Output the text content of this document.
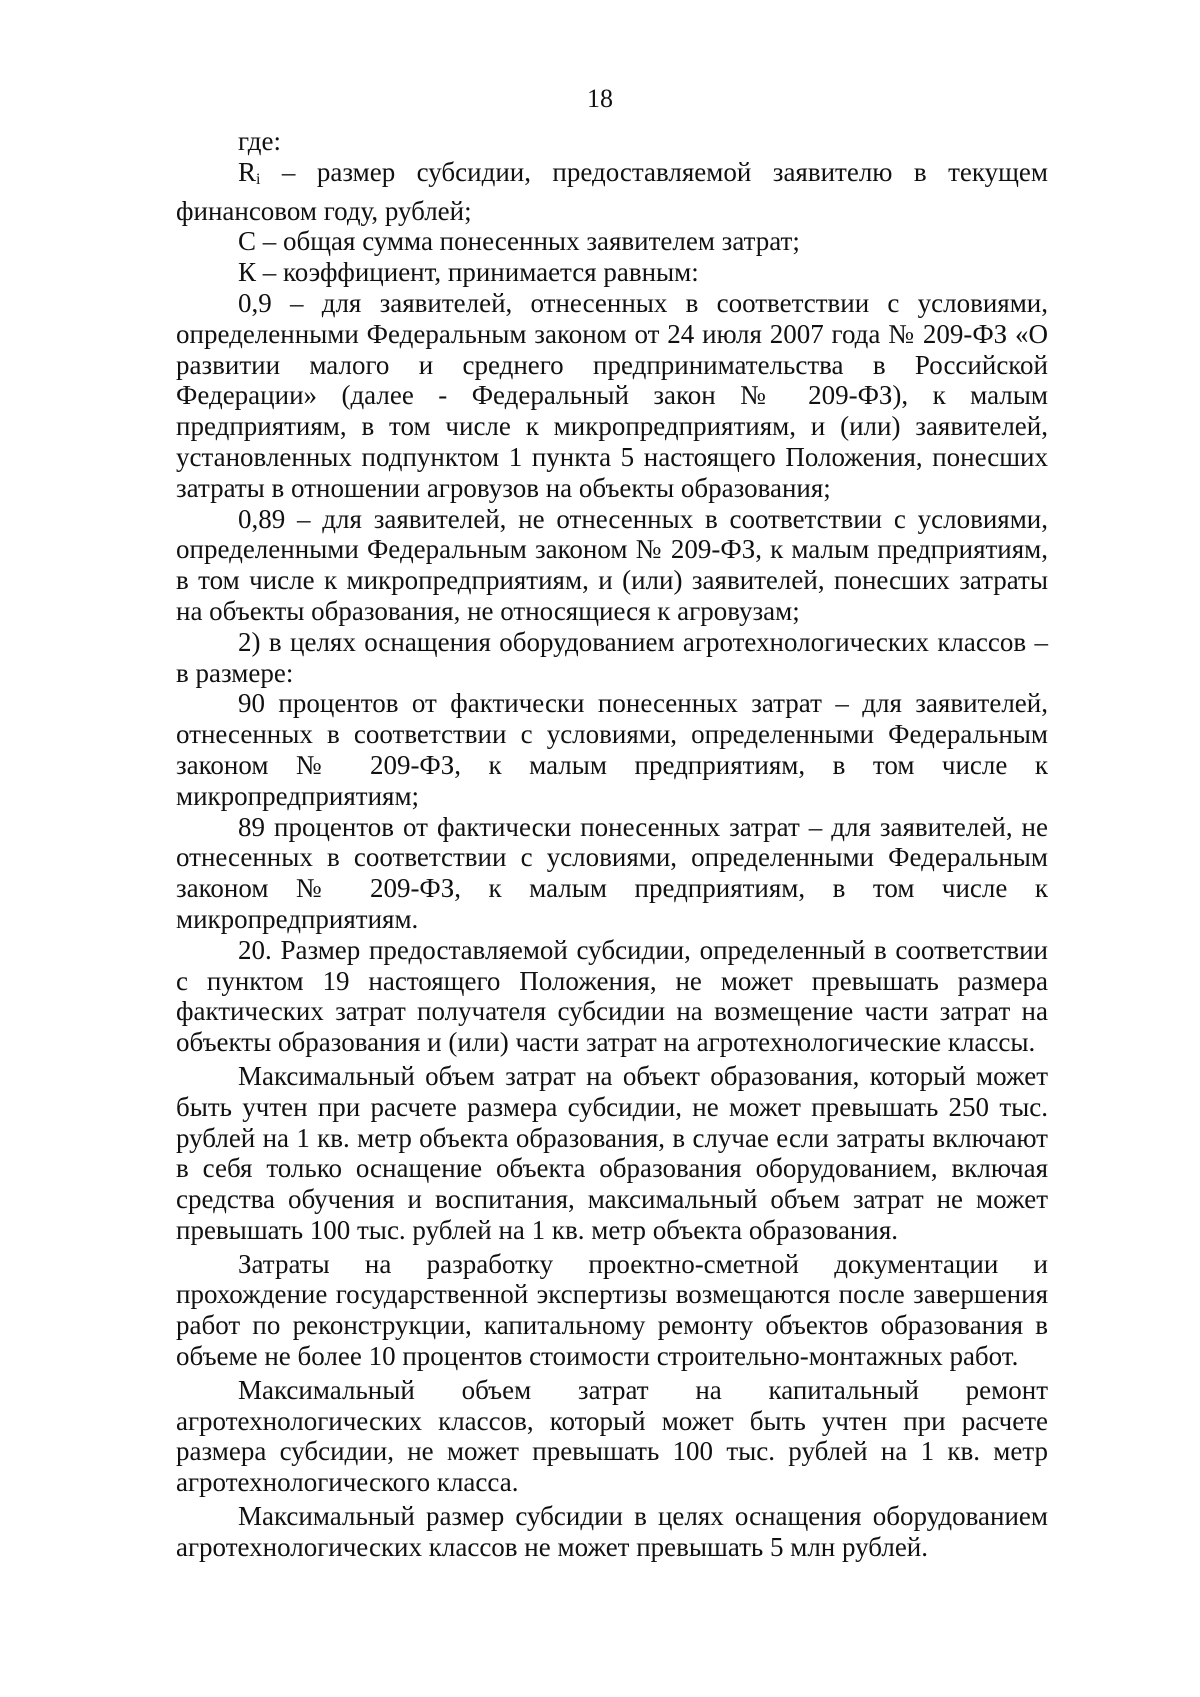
18

где:

Ri – размер субсидии, предоставляемой заявителю в текущем финансовом году, рублей;

С – общая сумма понесенных заявителем затрат;

К – коэффициент, принимается равным:

0,9 – для заявителей, отнесенных в соответствии с условиями, определенными Федеральным законом от 24 июля 2007 года № 209-ФЗ «О развитии малого и среднего предпринимательства в Российской Федерации» (далее - Федеральный закон № 209-ФЗ), к малым предприятиям, в том числе к микропредприятиям, и (или) заявителей, установленных подпунктом 1 пункта 5 настоящего Положения, понесших затраты в отношении агровузов на объекты образования;

0,89 – для заявителей, не отнесенных в соответствии с условиями, определенными Федеральным законом № 209-ФЗ, к малым предприятиям, в том числе к микропредприятиям, и (или) заявителей, понесших затраты на объекты образования, не относящиеся к агровузам;

2) в целях оснащения оборудованием агротехнологических классов – в размере:

90 процентов от фактически понесенных затрат – для заявителей, отнесенных в соответствии с условиями, определенными Федеральным законом № 209-ФЗ, к малым предприятиям, в том числе к микропредприятиям;

89 процентов от фактически понесенных затрат – для заявителей, не отнесенных в соответствии с условиями, определенными Федеральным законом № 209-ФЗ, к малым предприятиям, в том числе к микропредприятиям.

20. Размер предоставляемой субсидии, определенный в соответствии с пунктом 19 настоящего Положения, не может превышать размера фактических затрат получателя субсидии на возмещение части затрат на объекты образования и (или) части затрат на агротехнологические классы.

Максимальный объем затрат на объект образования, который может быть учтен при расчете размера субсидии, не может превышать 250 тыс. рублей на 1 кв. метр объекта образования, в случае если затраты включают в себя только оснащение объекта образования оборудованием, включая средства обучения и воспитания, максимальный объем затрат не может превышать 100 тыс. рублей на 1 кв. метр объекта образования.

Затраты на разработку проектно-сметной документации и прохождение государственной экспертизы возмещаются после завершения работ по реконструкции, капитальному ремонту объектов образования в объеме не более 10 процентов стоимости строительно-монтажных работ.

Максимальный объем затрат на капитальный ремонт агротехнологических классов, который может быть учтен при расчете размера субсидии, не может превышать 100 тыс. рублей на 1 кв. метр агротехнологического класса.

Максимальный размер субсидии в целях оснащения оборудованием агротехнологических классов не может превышать 5 млн рублей.
